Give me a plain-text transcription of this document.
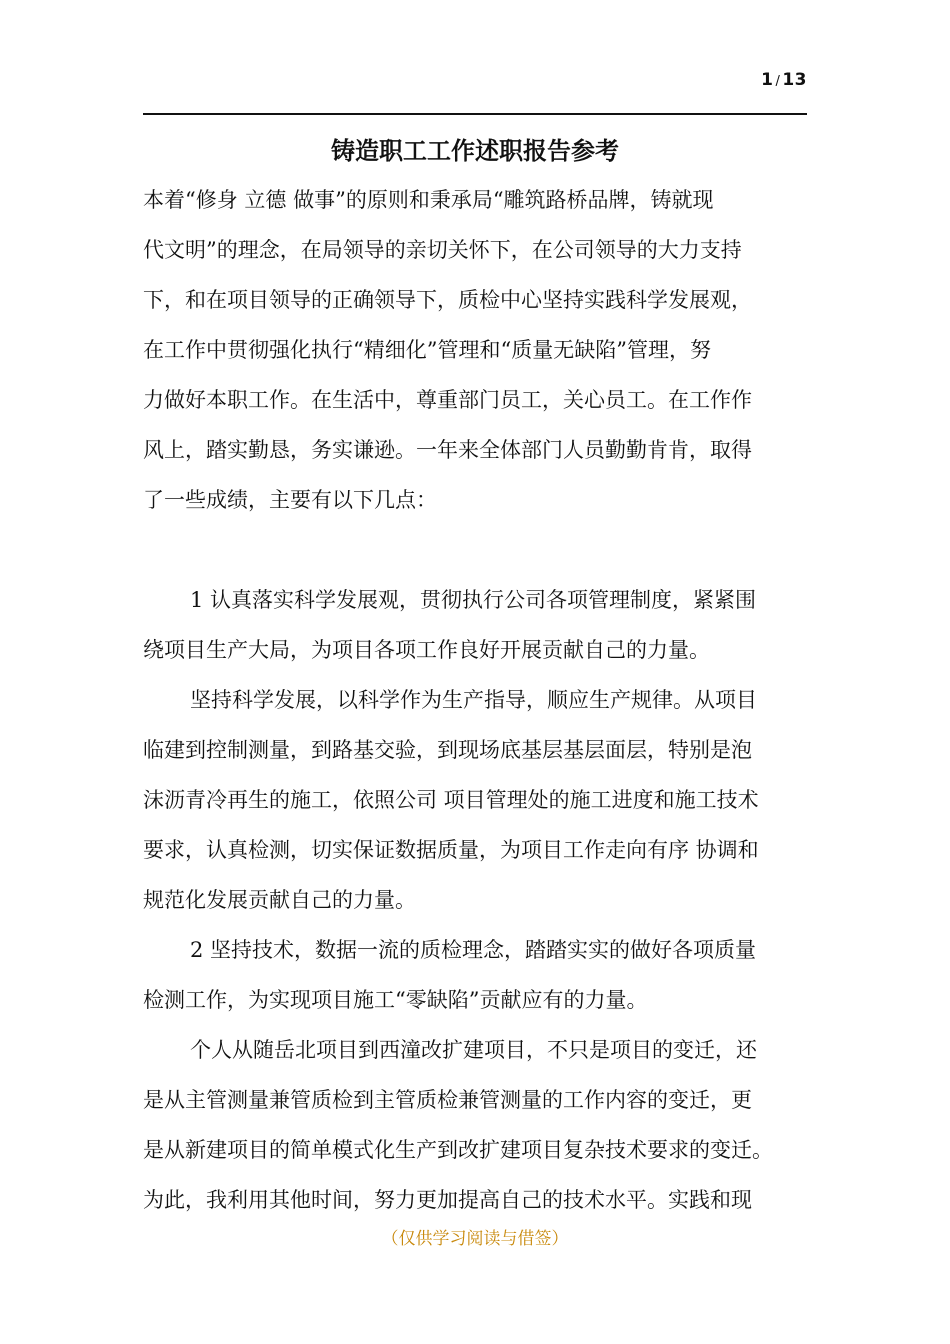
1 / 13
铸造职工工作述职报告参考
本着“修身 立德 做事”的原则和秉承局“雕筑路桥品牌，铸就现
代文明”的理念，在局领导的亲切关怀下，在公司领导的大力支持
下，和在项目领导的正确领导下，质检中心坚持实践科学发展观，
在工作中贯彻强化执行“精细化”管理和“质量无缺陷”管理，努
力做好本职工作。在生活中，尊重部门员工，关心员工。在工作作
风上，踏实勤恳，务实谦逊。一年来全体部门人员勤勤肯肯，取得
了一些成绩，主要有以下几点：
1 认真落实科学发展观，贯彻执行公司各项管理制度，紧紧围
绕项目生产大局，为项目各项工作良好开展贡献自己的力量。
坚持科学发展，以科学作为生产指导，顺应生产规律。从项目
临建到控制测量，到路基交验，到现场底基层基层面层，特别是泡
沫沥青冷再生的施工，依照公司 项目管理处的施工进度和施工技术
要求，认真检测，切实保证数据质量，为项目工作走向有序 协调和
规范化发展贡献自己的力量。
2 坚持技术，数据一流的质检理念，踏踏实实的做好各项质量
检测工作，为实现项目施工“零缺陷”贡献应有的力量。
个人从随岳北项目到西潼改扩建项目，不只是项目的变迁，还
是从主管测量兼管质检到主管质检兼管测量的工作内容的变迁，更
是从新建项目的简单模式化生产到改扩建项目复杂技术要求的变迁。
为此，我利用其他时间，努力更加提高自己的技术水平。实践和现
（仅供学习阅读与借签）
